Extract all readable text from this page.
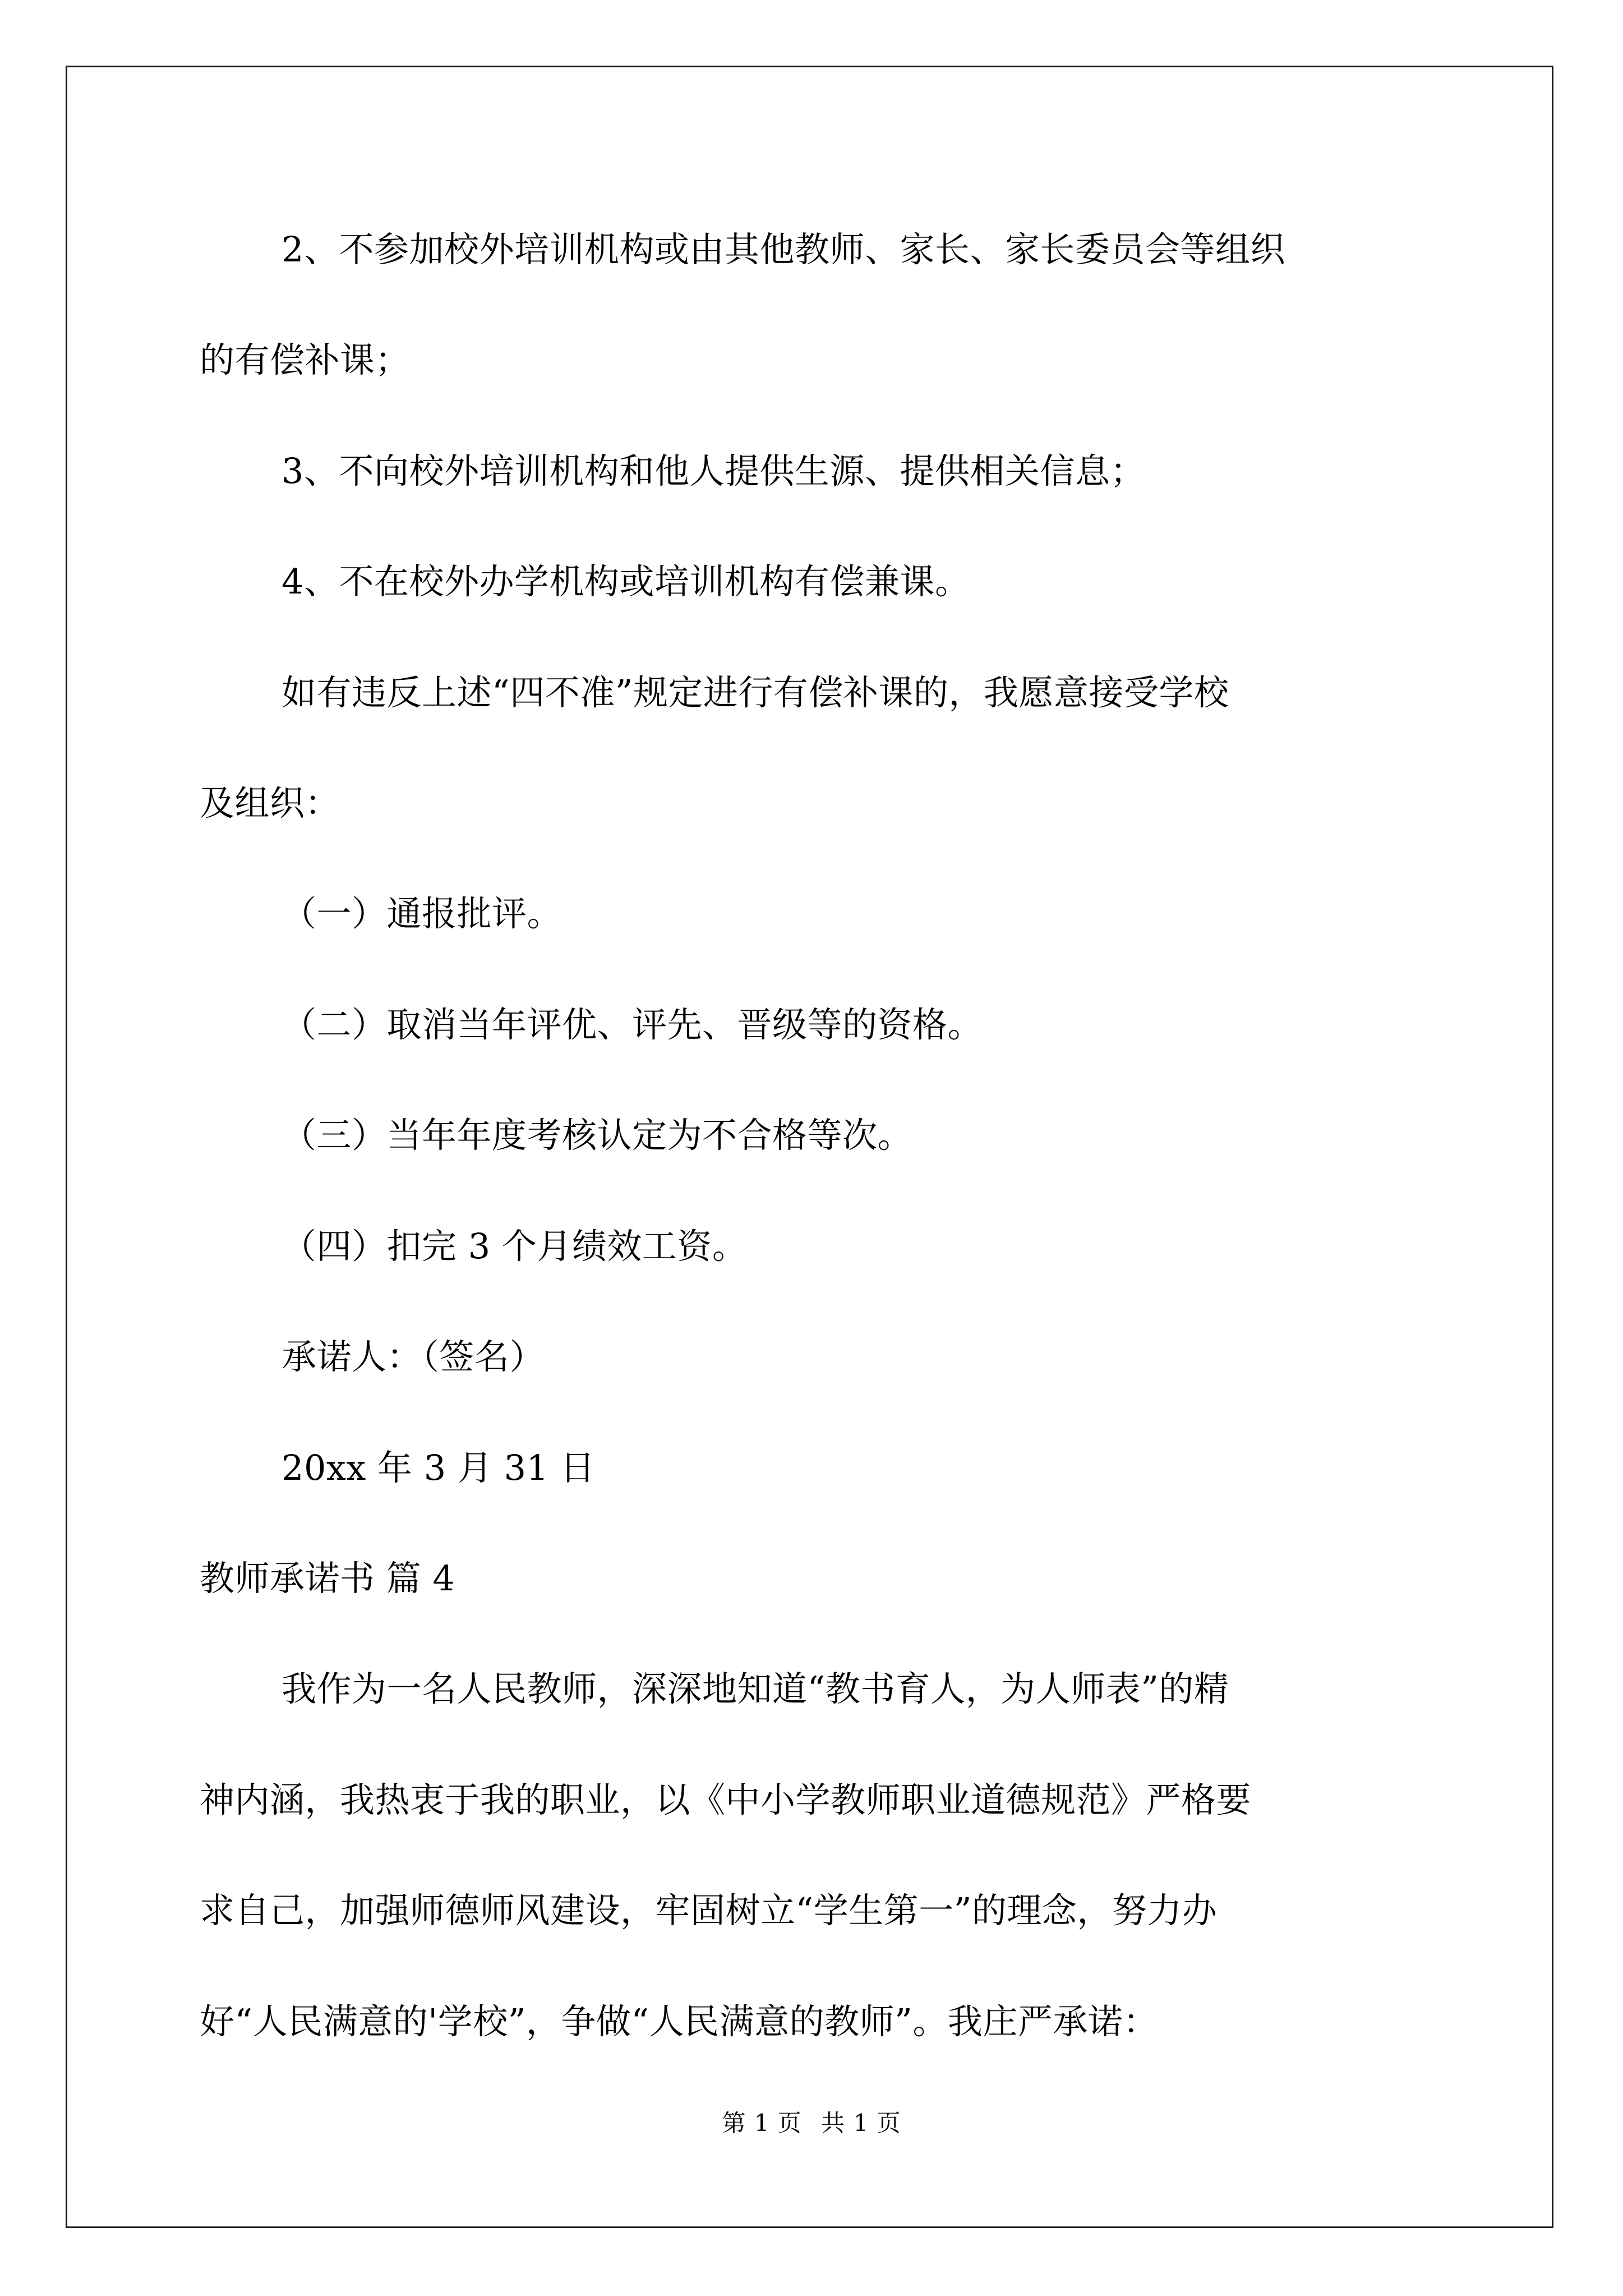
2、不参加校外培训机构或由其他教师、家长、家长委员会等组织

的有偿补课；

3、不向校外培训机构和他人提供生源、提供相关信息；

4、不在校外办学机构或培训机构有偿兼课。

如有违反上述“四不准”规定进行有偿补课的，我愿意接受学校

及组织：

（一）通报批评。

（二）取消当年评优、评先、晋级等的资格。

（三）当年年度考核认定为不合格等次。

（四）扣完 3 个月绩效工资。

承诺人：（签名）

20xx 年 3 月 31 日

教师承诺书 篇 4

我作为一名人民教师，深深地知道“教书育人，为人师表”的精

神内涵，我热衷于我的职业，以《中小学教师职业道德规范》严格要

求自己，加强师德师风建设，牢固树立“学生第一”的理念，努力办

好“人民满意的'学校”，争做“人民满意的教师”。我庄严承诺：

第 1 页 共 1 页
